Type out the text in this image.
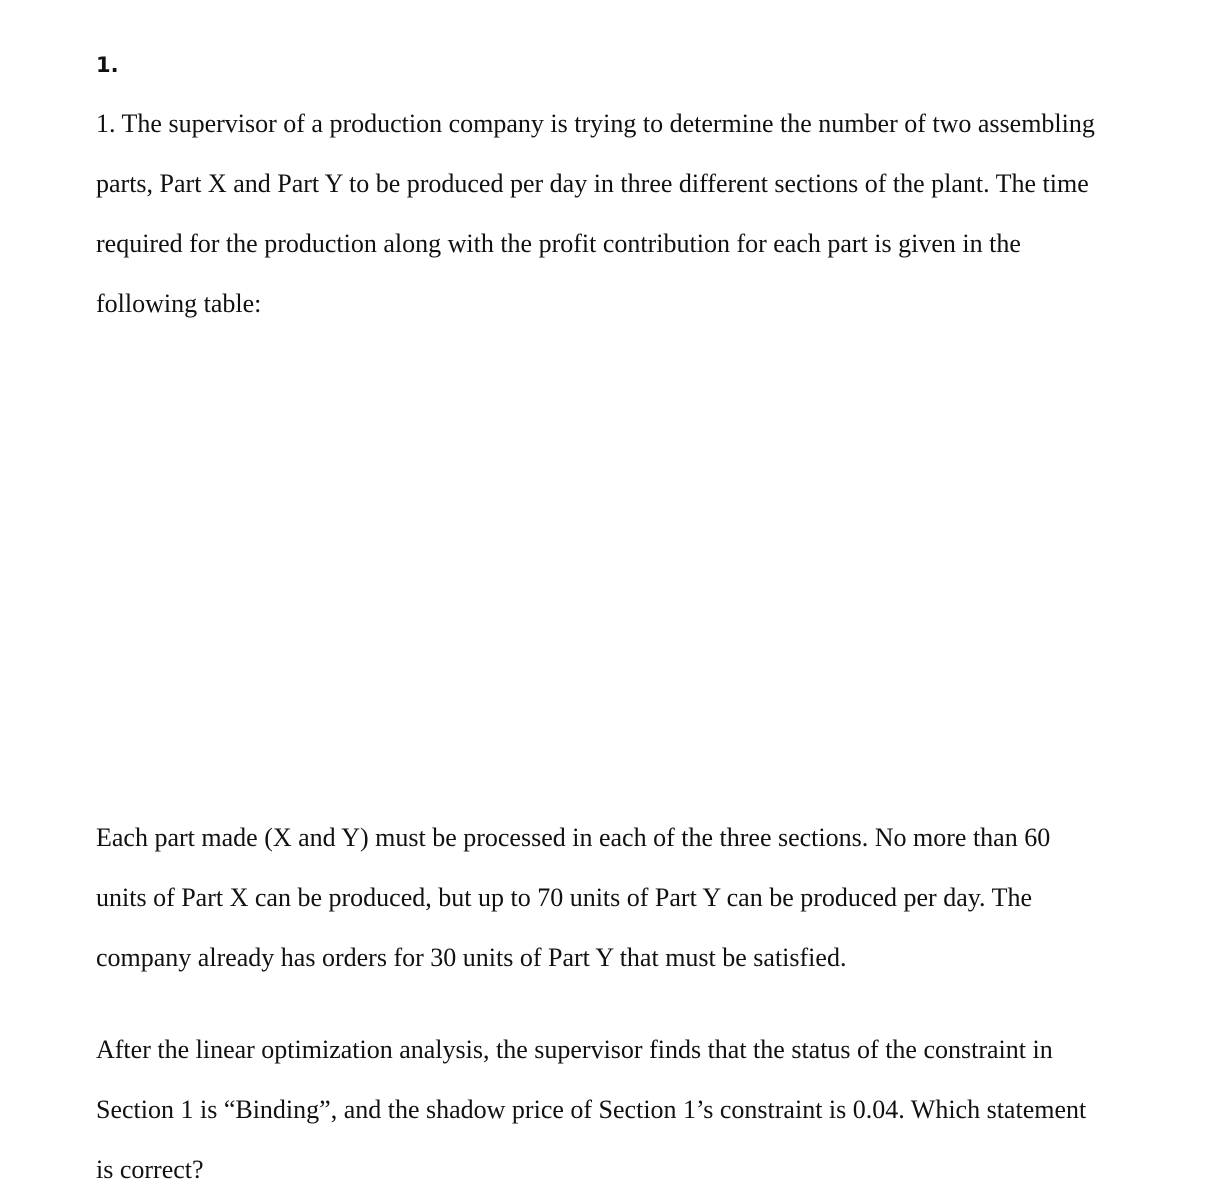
1.

1. The supervisor of a production company is trying to determine the number of two assembling

parts, Part X and Part Y to be produced per day in three different sections of the plant. The time

required for the production along with the profit contribution for each part is given in the

following table:

Each part made (X and Y) must be processed in each of the three sections. No more than 60

units of Part X can be produced, but up to 70 units of Part Y can be produced per day. The

company already has orders for 30 units of Part Y that must be satisfied.

After the linear optimization analysis, the supervisor finds that the status of the constraint in

Section 1 is “Binding”, and the shadow price of Section 1’s constraint is 0.04. Which statement

is correct?
